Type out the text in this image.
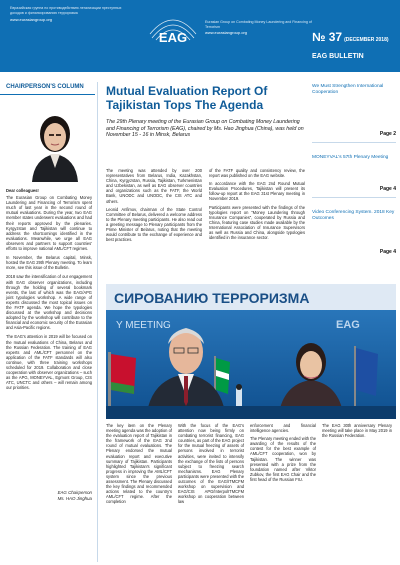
Евразийская группа по противодействию легализации преступных доходов и финансированию терроризма
www.eurasiangroup.org
EAG
Eurasian Group on Combating Money Laundering and Financing of Terrorism
www.eurasiangroup.org	№ 37 (DECEMBER 2018)
EAG BULLETIN
CHAIRPERSON'S COLUMN

Dear colleagues!

The Eurasian Group on Combating Money Laundering and Financing of Terrorism spent much of last year in the second round of mutual evaluations. During the year, two EAG member states underwent evaluations and had their reports approved by the plenaries. Kyrgyzstan and Tajikistan will continue to address the shortcomings identified in the evaluations. Meanwhile, we urge all EAG observers and partners to support countries' efforts to improve national AML/CFT regimes.

In November, the Belarus capital, Minsk, hosted the EAG 29th Plenary meeting. To learn more, see this issue of the Bulletin.

2018 saw the intensification of our engagement with EAG observer organizations, including through the holding of several bookmark events, the last of which was the EAG/APG joint typologies workshop. A wide range of experts discussed the most topical issues on the FATF agenda. We hope the typologies discussed at the workshop and decisions adopted by the workshop will contribute to the financial and economic security of the Eurasian and Asia-Pacific regions.

The EAG's attention in 2019 will be focused on the mutual evaluations of China, Belarus and the Russian Federation. The training of EAG experts and AML/CFT personnel on the application of the FATF standards will also continue, with three training workshops scheduled for 2019. Collaboration and close cooperation with observer organizations – such as the APG, MONEYVAL, Egmont Group, CIS ATC, UNCTC and others – will remain among our priorities.

EAG Chairperson
Ms. HAO Jinghua
Mutual Evaluation Report Of Tajikistan Tops The Agenda
The 29th Plenary meeting of the Eurasian Group on Combating Money Laundering and Financing of Terrorism (EAG), chaired by Ms. Hao Jinghua (China), was held on November 15 - 16 in Minsk, Belarus

The meeting was attended by over 200 representatives from Belarus, India, Kazakhstan, China, Kyrgyzstan, Russia, Tajikistan, Turkmenistan and Uzbekistan, as well as EAG observer countries and organizations such as the FATF, the World Bank, UNODC and UNODC, the CIS ATC and others.

Leonid Anfimov, chairman of the State Control Committee of Belarus, delivered a welcome address to the Plenary meeting participants. He also read out a greeting message to Plenary participants from the Prime Minister of Belarus, noting that the meeting would contribute to the exchange of experience and best practices.

of the FATF quality and consistency review, the report was published on the EAG website.

In accordance with the EAG 2nd Round Mutual Evaluation Procedures, Tajikistan will present its follow-up report at the EAG 31st Plenary meeting in November 2019.

Participants were presented with the findings of the typologies report on "Money Laundering through Insurance Companies", cooperated by Russia and China, featuring case studies made available by the International Association of Insurance Supervisors as well as Russia and China, alongside typologies identified in the insurance sector.

We Must Strengthen International Cooperation
Page 2
MONEYVAL's 57th Plenary Meeting
Page 4
Video Conferencing System. 2018 Key Outcomes
Page 4
СИРОВАНИЮ ТЕРРОРИЗМА
Y MEETING	EAG

The key item on the Plenary meeting agenda was the adoption of the evaluation report of Tajikistan in the framework of the EAG 2nd round of mutual evaluations. The Plenary endorsed the mutual evaluation report and executive summary of Tajikistan. Participants highlighted Tajikistan's significant progress in improving the AML/CFT system since the previous assessment. The Plenary discussed the key findings and recommended actions related to the country's AML/CFT regime. After the completion

With the focus of the EAG's attention now being firmly on combating terrorist financing, EAG countries, as part of the EAG project for the mutual freezing of assets of persons involved in terrorist activities, were invited to intensify the exchange of the lists of persons subject to freezing search mechanisms. EAG Plenary participants were presented with the outcomes of the EAG/ITMCFM workshop on supervision and EAG/CIS APG/InterpolITMCFM workshop on cooperation between law

enforcement and financial intelligence agencies.

The Plenary meeting ended with the awarding of the results of the contest for the best example of AML/CFT cooperation, won by Tajikistan. The winner was presented with a prize from the foundation named after Viktor Zubkov, the first EAG Chair and the first head of the Russian FIU.

The EAG 30th anniversary Plenary meeting will take place in May 2019 in the Russian Federation.
